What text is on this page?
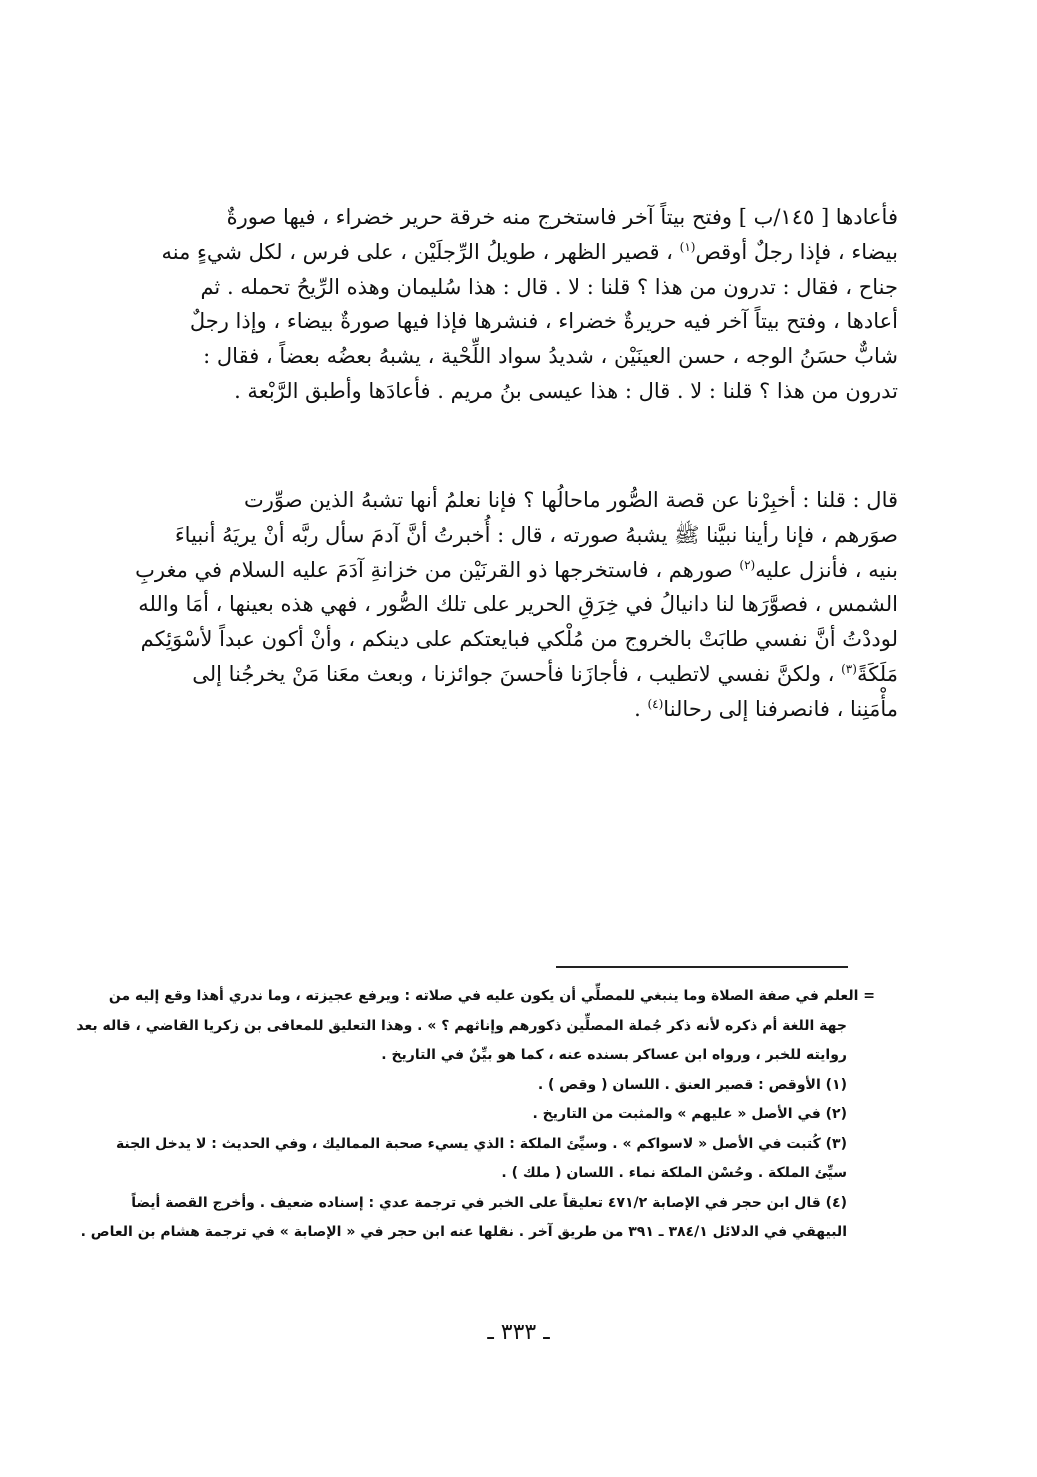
فأعادها [ ١٤٥/ب ] وفتح بيتاً آخر فاستخرج منه خرقة حرير خضراء ، فيها صورةٌ
بيضاء ، فإذا رجلٌ أوقص$^{(١)}$ ، قصير الظهر ، طويلُ الرِّجلَيْن ، على فرس ، لكل شيءٍ منه
جناح ، فقال : تدرون من هذا ؟ قلنا : لا . قال : هذا سُليمان وهذه الرِّيحُ تحمله . ثم
أعادها ، وفتح بيتاً آخر فيه حريرةٌ خضراء ، فنشرها فإذا فيها صورةٌ بيضاء ، وإذا رجلٌ
شابٌّ حسَنُ الوجه ، حسن العينَيْن ، شديدُ سواد اللِّحْية ، يشبهُ بعضُه بعضاً ، فقال :
تدرون من هذا ؟ قلنا : لا . قال : هذا عيسى بنُ مريم . فأعادَها وأطبق الرَّبْعة .
قال : قلنا : أخبِرْنا عن قصة الصُّور ماحالُها ؟ فإنا نعلمُ أنها تشبهُ الذين صوِّرت
صوَرهم ، فإنا رأينا نبيَّنا ﷺ يشبهُ صورته ، قال : أُخبرتُ أنَّ آدمَ سأل ربَّه أنْ يريَهُ أنبياءَ
بنيه ، فأنزل عليه$^{(٢)}$ صورهم ، فاستخرجها ذو القرنَيْن من خزانةِ آدَمَ عليه السلام في مغربِ
الشمس ، فصوَّرَها لنا دانيالُ في خِرَقِ الحرير على تلك الصُّور ، فهي هذه بعينها ، أمَا والله
لوددْتُ أنَّ نفسي طابَتْ بالخروج من مُلْكي فبايعتكم على دينكم ، وأنْ أكون عبداً لأسْوَئِكم
مَلَكَةً$^{(٣)}$ ، ولكنَّ نفسي لاتطيب ، فأجازَنا فأحسنَ جوائزنا ، وبعث معَنا مَنْ يخرجُنا إلى
مأْمَنِنا ، فانصرفنا إلى رحالنا$^{(٤)}$ .
= العلم في صفة الصلاة وما ينبغي للمصلِّي أن يكون عليه في صلاته : ويرفع عجيزته ، وما ندري أهذا وقع إليه من
جهة اللغة أم ذكره لأنه ذكر جُملة المصلِّين ذكورهم وإناثهم ؟ » . وهذا التعليق للمعافى بن زكريا القاضي ، قاله بعد
روايته للخبر ، ورواه ابن عساكر بسنده عنه ، كما هو بيِّنٌ في التاريخ .
(١) الأوقص : قصير العنق . اللسان ( وقص ) .
(٢) في الأصل « عليهم » والمثبت من التاريخ .
(٣) كُتبت في الأصل « لاسواكم » . وسيِّئ الملكة : الذي يسيء صحبة المماليك ، وفي الحديث : لا يدخل الجنة
سيِّئ الملكة . وحُسْن الملكة نماء . اللسان ( ملك ) .
(٤) قال ابن حجر في الإصابة ٤٧١/٢ تعليقاً على الخبر في ترجمة عدي : إسناده ضعيف . وأخرج القصة أيضاً
البيهقي في الدلائل ٣٨٤/١ ـ ٣٩١ من طريق آخر . نقلها عنه ابن حجر في « الإصابة » في ترجمة هشام بن العاص .
ـ ٣٣٣ ـ
